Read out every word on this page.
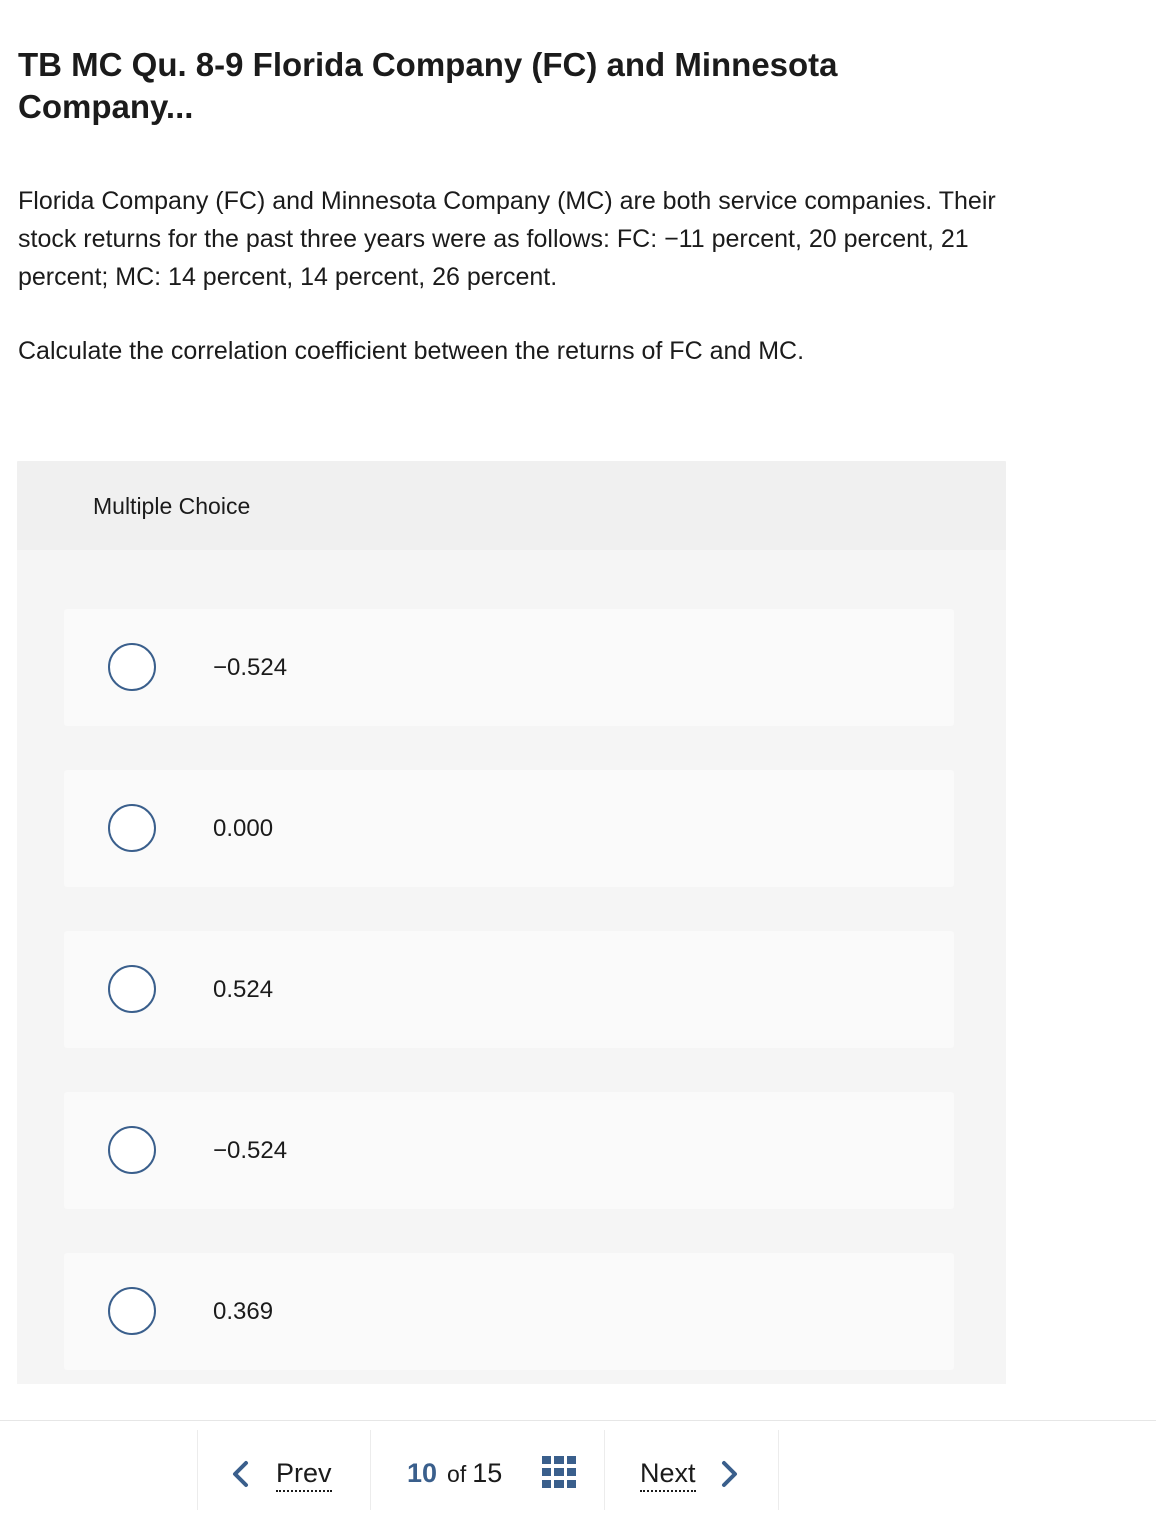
TB MC Qu. 8-9 Florida Company (FC) and Minnesota Company...

Florida Company (FC) and Minnesota Company (MC) are both service companies. Their stock returns for the past three years were as follows: FC: −11 percent, 20 percent, 21 percent; MC: 14 percent, 14 percent, 26 percent.

Calculate the correlation coefficient between the returns of FC and MC.

Multiple Choice
−0.524
0.000
0.524
−0.524
0.369
Prev	10 of 15	Next
